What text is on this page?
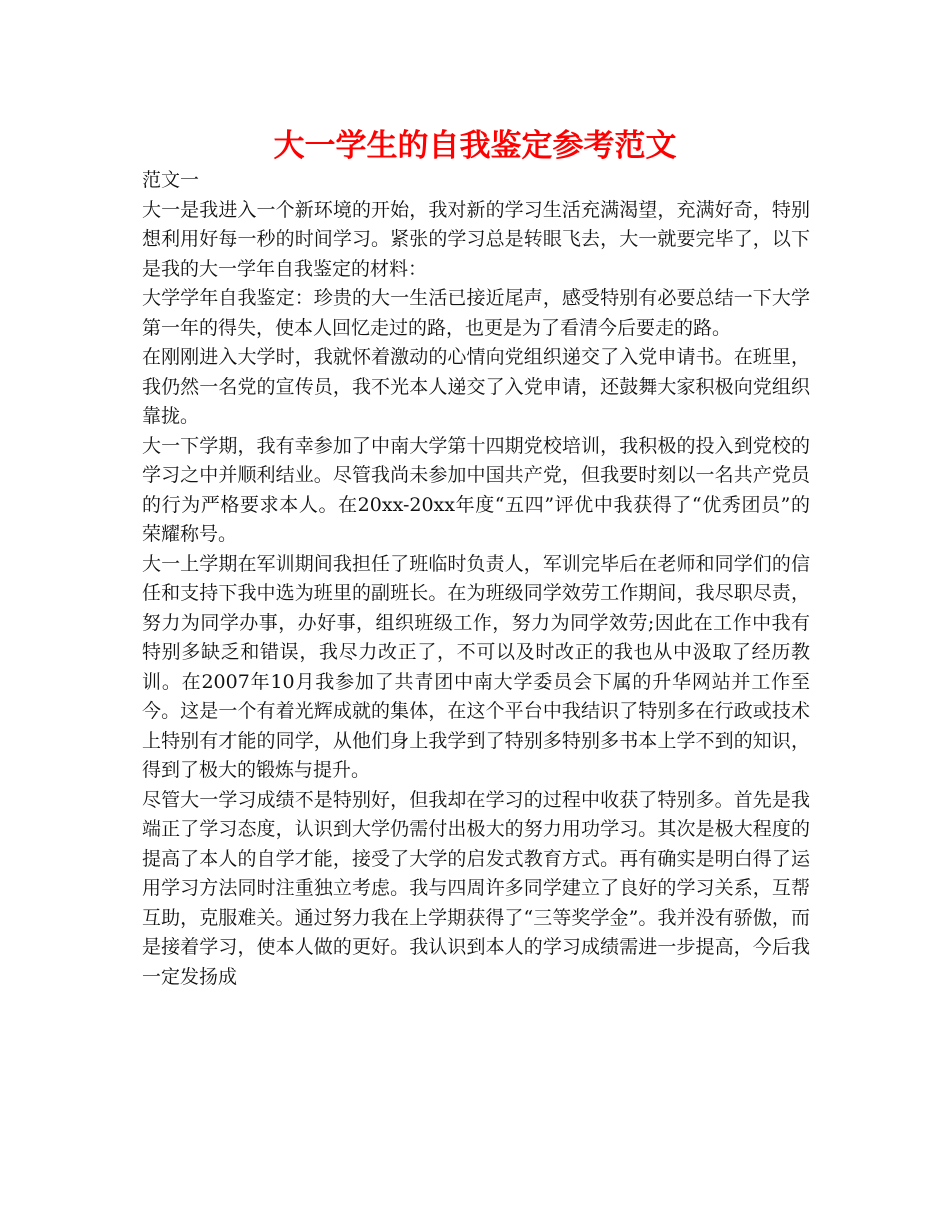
大一学生的自我鉴定参考范文

范文一

大一是我进入一个新环境的开始，我对新的学习生活充满渴望，充满好奇，特别想利用好每一秒的时间学习。紧张的学习总是转眼飞去，大一就要完毕了，以下是我的大一学年自我鉴定的材料：

大学学年自我鉴定：珍贵的大一生活已接近尾声，感受特别有必要总结一下大学第一年的得失，使本人回忆走过的路，也更是为了看清今后要走的路。

在刚刚进入大学时，我就怀着激动的心情向党组织递交了入党申请书。在班里，我仍然一名党的宣传员，我不光本人递交了入党申请，还鼓舞大家积极向党组织靠拢。

大一下学期，我有幸参加了中南大学第十四期党校培训，我积极的投入到党校的学习之中并顺利结业。尽管我尚未参加中国共产党，但我要时刻以一名共产党员的行为严格要求本人。在20xx-20xx年度“五四”评优中我获得了“优秀团员”的荣耀称号。

大一上学期在军训期间我担任了班临时负责人，军训完毕后在老师和同学们的信任和支持下我中选为班里的副班长。在为班级同学效劳工作期间，我尽职尽责，努力为同学办事，办好事，组织班级工作，努力为同学效劳;因此在工作中我有特别多缺乏和错误，我尽力改正了，不可以及时改正的我也从中汲取了经历教训。在2007年10月我参加了共青团中南大学委员会下属的升华网站并工作至今。这是一个有着光辉成就的集体，在这个平台中我结识了特别多在行政或技术上特别有才能的同学，从他们身上我学到了特别多特别多书本上学不到的知识，得到了极大的锻炼与提升。

尽管大一学习成绩不是特别好，但我却在学习的过程中收获了特别多。首先是我端正了学习态度，认识到大学仍需付出极大的努力用功学习。其次是极大程度的提高了本人的自学才能，接受了大学的启发式教育方式。再有确实是明白得了运用学习方法同时注重独立考虑。我与四周许多同学建立了良好的学习关系，互帮互助，克服难关。通过努力我在上学期获得了“三等奖学金”。我并没有骄傲，而是接着学习，使本人做的更好。我认识到本人的学习成绩需进一步提高，今后我一定发扬成
